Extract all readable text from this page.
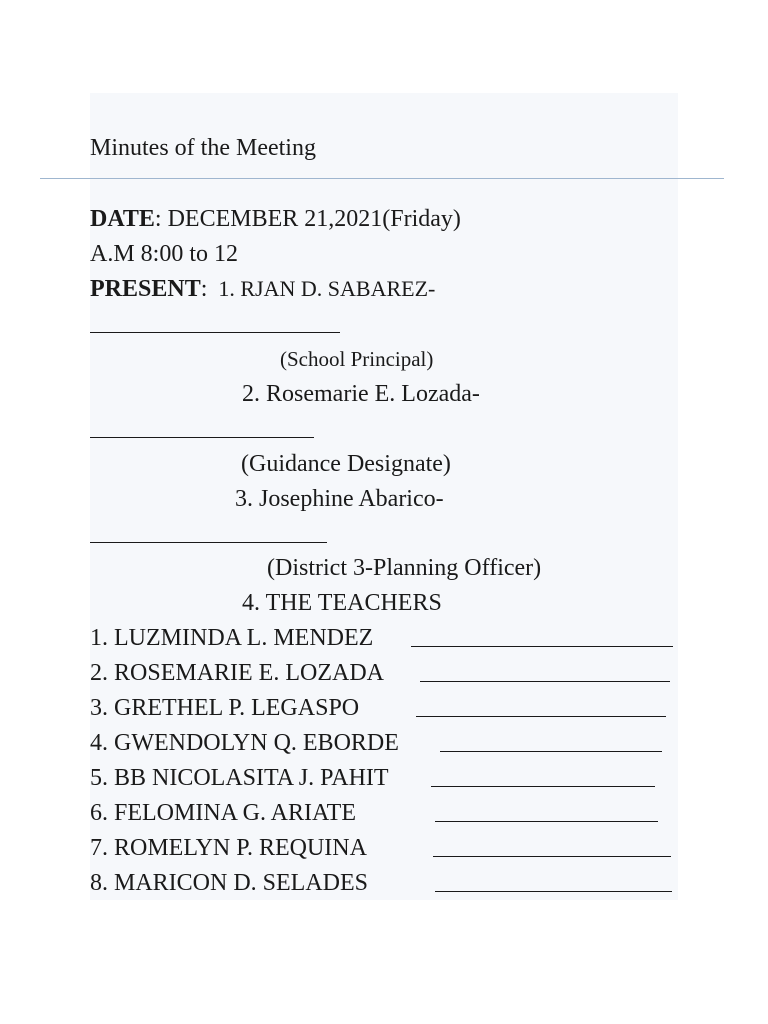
Minutes of the Meeting
DATE: DECEMBER 21,2021(Friday)
A.M 8:00 to 12
PRESENT: 1. RJAN D. SABAREZ-
(School Principal)
2. Rosemarie E. Lozada-
(Guidance Designate)
3. Josephine Abarico-
(District 3-Planning Officer)
4. THE TEACHERS
1. LUZMINDA L. MENDEZ
2. ROSEMARIE E. LOZADA
3. GRETHEL P. LEGASPO
4. GWENDOLYN Q. EBORDE
5. BB NICOLASITA J. PAHIT
6. FELOMINA G. ARIATE
7. ROMELYN P. REQUINA
8. MARICON D. SELADES
